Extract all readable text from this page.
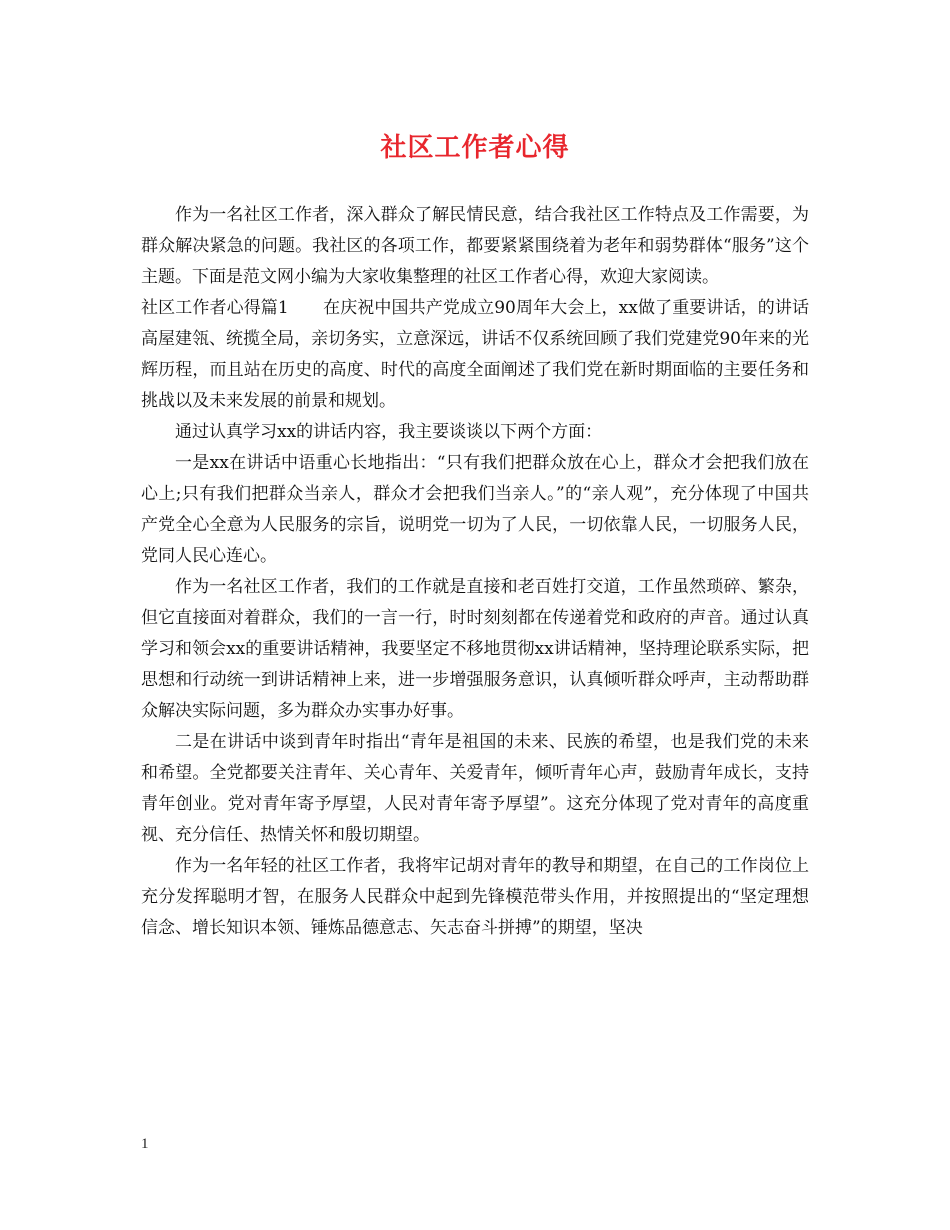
社区工作者心得

作为一名社区工作者，深入群众了解民情民意，结合我社区工作特点及工作需要，为群众解决紧急的问题。我社区的各项工作，都要紧紧围绕着为老年和弱势群体“服务”这个主题。下面是范文网小编为大家收集整理的社区工作者心得，欢迎大家阅读。

社区工作者心得篇1　　在庆祝中国共产党成立90周年大会上，xx做了重要讲话，的讲话高屋建瓴、统揽全局，亲切务实，立意深远，讲话不仅系统回顾了我们党建党90年来的光辉历程，而且站在历史的高度、时代的高度全面阐述了我们党在新时期面临的主要任务和挑战以及未来发展的前景和规划。

通过认真学习xx的讲话内容，我主要谈谈以下两个方面：

一是xx在讲话中语重心长地指出：“只有我们把群众放在心上，群众才会把我们放在心上;只有我们把群众当亲人，群众才会把我们当亲人。”的“亲人观”，充分体现了中国共产党全心全意为人民服务的宗旨，说明党一切为了人民，一切依靠人民，一切服务人民，党同人民心连心。

作为一名社区工作者，我们的工作就是直接和老百姓打交道，工作虽然琐碎、繁杂，但它直接面对着群众，我们的一言一行，时时刻刻都在传递着党和政府的声音。通过认真学习和领会xx的重要讲话精神，我要坚定不移地贯彻xx讲话精神，坚持理论联系实际，把思想和行动统一到讲话精神上来，进一步增强服务意识，认真倾听群众呼声，主动帮助群众解决实际问题，多为群众办实事办好事。

二是在讲话中谈到青年时指出“青年是祖国的未来、民族的希望，也是我们党的未来和希望。全党都要关注青年、关心青年、关爱青年，倾听青年心声，鼓励青年成长，支持青年创业。党对青年寄予厚望，人民对青年寄予厚望”。这充分体现了党对青年的高度重视、充分信任、热情关怀和殷切期望。

作为一名年轻的社区工作者，我将牢记胡对青年的教导和期望，在自己的工作岗位上充分发挥聪明才智，在服务人民群众中起到先锋模范带头作用，并按照提出的“坚定理想信念、增长知识本领、锤炼品德意志、矢志奋斗拼搏”的期望，坚决

1
